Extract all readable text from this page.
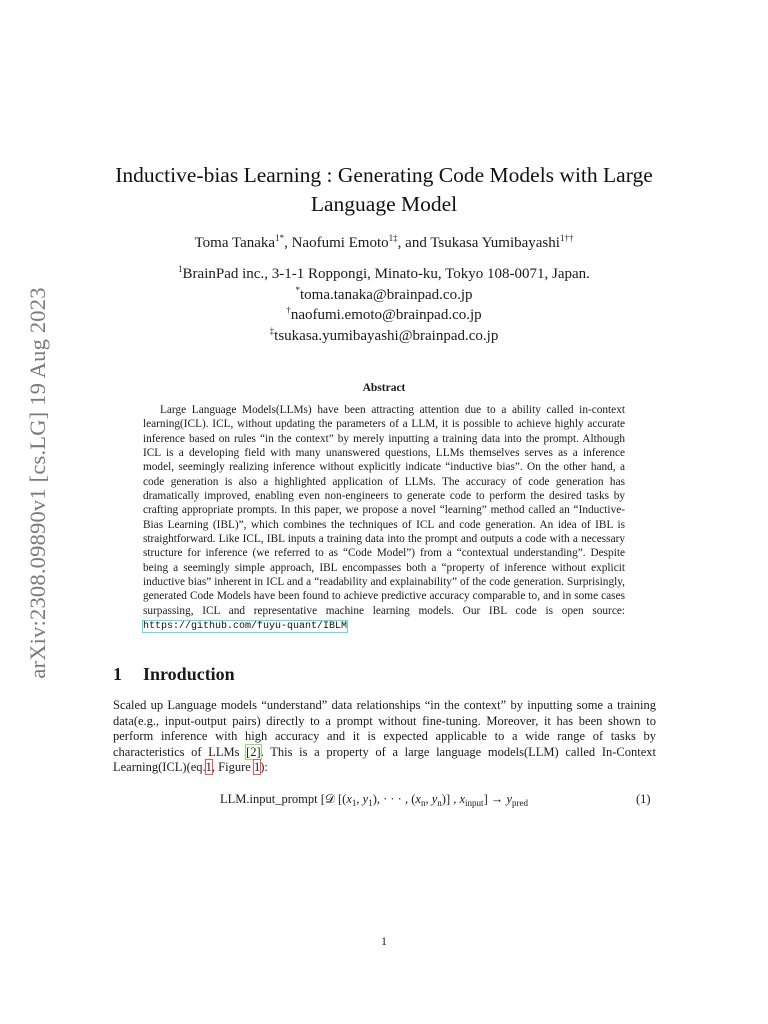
arXiv:2308.09890v1 [cs.LG] 19 Aug 2023
Inductive-bias Learning : Generating Code Models with Large
Language Model
Toma Tanaka$^{1*}$, Naofumi Emoto$^{1\ddagger}$, and Tsukasa Yumibayashi$^{1\dagger\dagger}$
$^1$BrainPad inc., 3-1-1 Roppongi, Minato-ku, Tokyo 108-0071, Japan.
*toma.tanaka@brainpad.co.jp
†naofumi.emoto@brainpad.co.jp
‡tsukasa.yumibayashi@brainpad.co.jp
Abstract
Large Language Models(LLMs) have been attracting attention due to a ability called in-context learning(ICL). ICL, without updating the parameters of a LLM, it is possible to achieve highly accurate inference based on rules “in the context” by merely inputting a training data into the prompt. Although ICL is a developing field with many unanswered questions, LLMs themselves serves as a inference model, seemingly realizing inference without explicitly indicate “inductive bias”. On the other hand, a code generation is also a highlighted application of LLMs. The accuracy of code generation has dramatically improved, enabling even non-engineers to generate code to perform the desired tasks by crafting appropriate prompts. In this paper, we propose a novel “learning” method called an “Inductive-Bias Learning (IBL)”, which combines the techniques of ICL and code generation. An idea of IBL is straightforward. Like ICL, IBL inputs a training data into the prompt and outputs a code with a necessary structure for inference (we referred to as “Code Model”) from a “contextual understanding”. Despite being a seemingly simple approach, IBL encompasses both a “property of inference without explicit inductive bias” inherent in ICL and a “readability and explainability” of the code generation. Surprisingly, generated Code Models have been found to achieve predictive accuracy comparable to, and in some cases surpassing, ICL and representative machine learning models. Our IBL code is open source: https://github.com/fuyu-quant/IBLM
1 Inroduction
Scaled up Language models “understand” data relationships “in the context” by inputting some a training data(e.g., input-output pairs) directly to a prompt without fine-tuning. Moreover, it has been shown to perform inference with high accuracy and it is expected applicable to a wide range of tasks by characteristics of LLMs [2]. This is a property of a large language models(LLM) called In-Context Learning(ICL)(eq.1, Figure 1):
LLM.input_prompt [𝒟 [($x_1$, $y_1$), · · · , ($x_n$, $y_n$)] , $x_{input}] \to y_{pred}$	(1)
1
